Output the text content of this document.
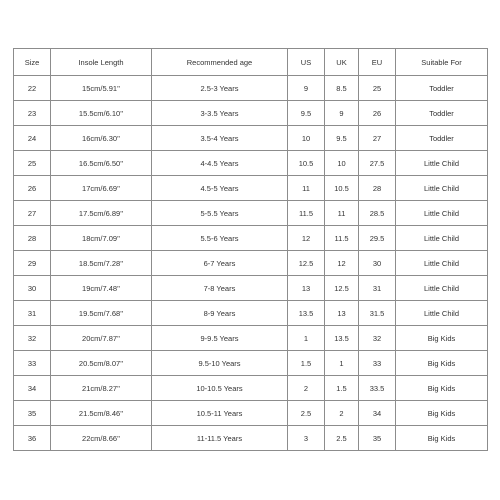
Size	Insole Length	Recommended age	US	UK	EU	Suitable For
22	15cm/5.91''	2.5-3 Years	9	8.5	25	Toddler
23	15.5cm/6.10''	3-3.5 Years	9.5	9	26	Toddler
24	16cm/6.30''	3.5-4 Years	10	9.5	27	Toddler
25	16.5cm/6.50''	4-4.5 Years	10.5	10	27.5	Little Child
26	17cm/6.69''	4.5-5 Years	11	10.5	28	Little Child
27	17.5cm/6.89''	5-5.5 Years	11.5	11	28.5	Little Child
28	18cm/7.09''	5.5-6 Years	12	11.5	29.5	Little Child
29	18.5cm/7.28''	6-7 Years	12.5	12	30	Little Child
30	19cm/7.48''	7-8 Years	13	12.5	31	Little Child
31	19.5cm/7.68''	8-9 Years	13.5	13	31.5	Little Child
32	20cm/7.87''	9-9.5 Years	1	13.5	32	Big Kids
33	20.5cm/8.07''	9.5-10 Years	1.5	1	33	Big Kids
34	21cm/8.27''	10-10.5 Years	2	1.5	33.5	Big Kids
35	21.5cm/8.46''	10.5-11 Years	2.5	2	34	Big Kids
36	22cm/8.66''	11-11.5 Years	3	2.5	35	Big Kids
